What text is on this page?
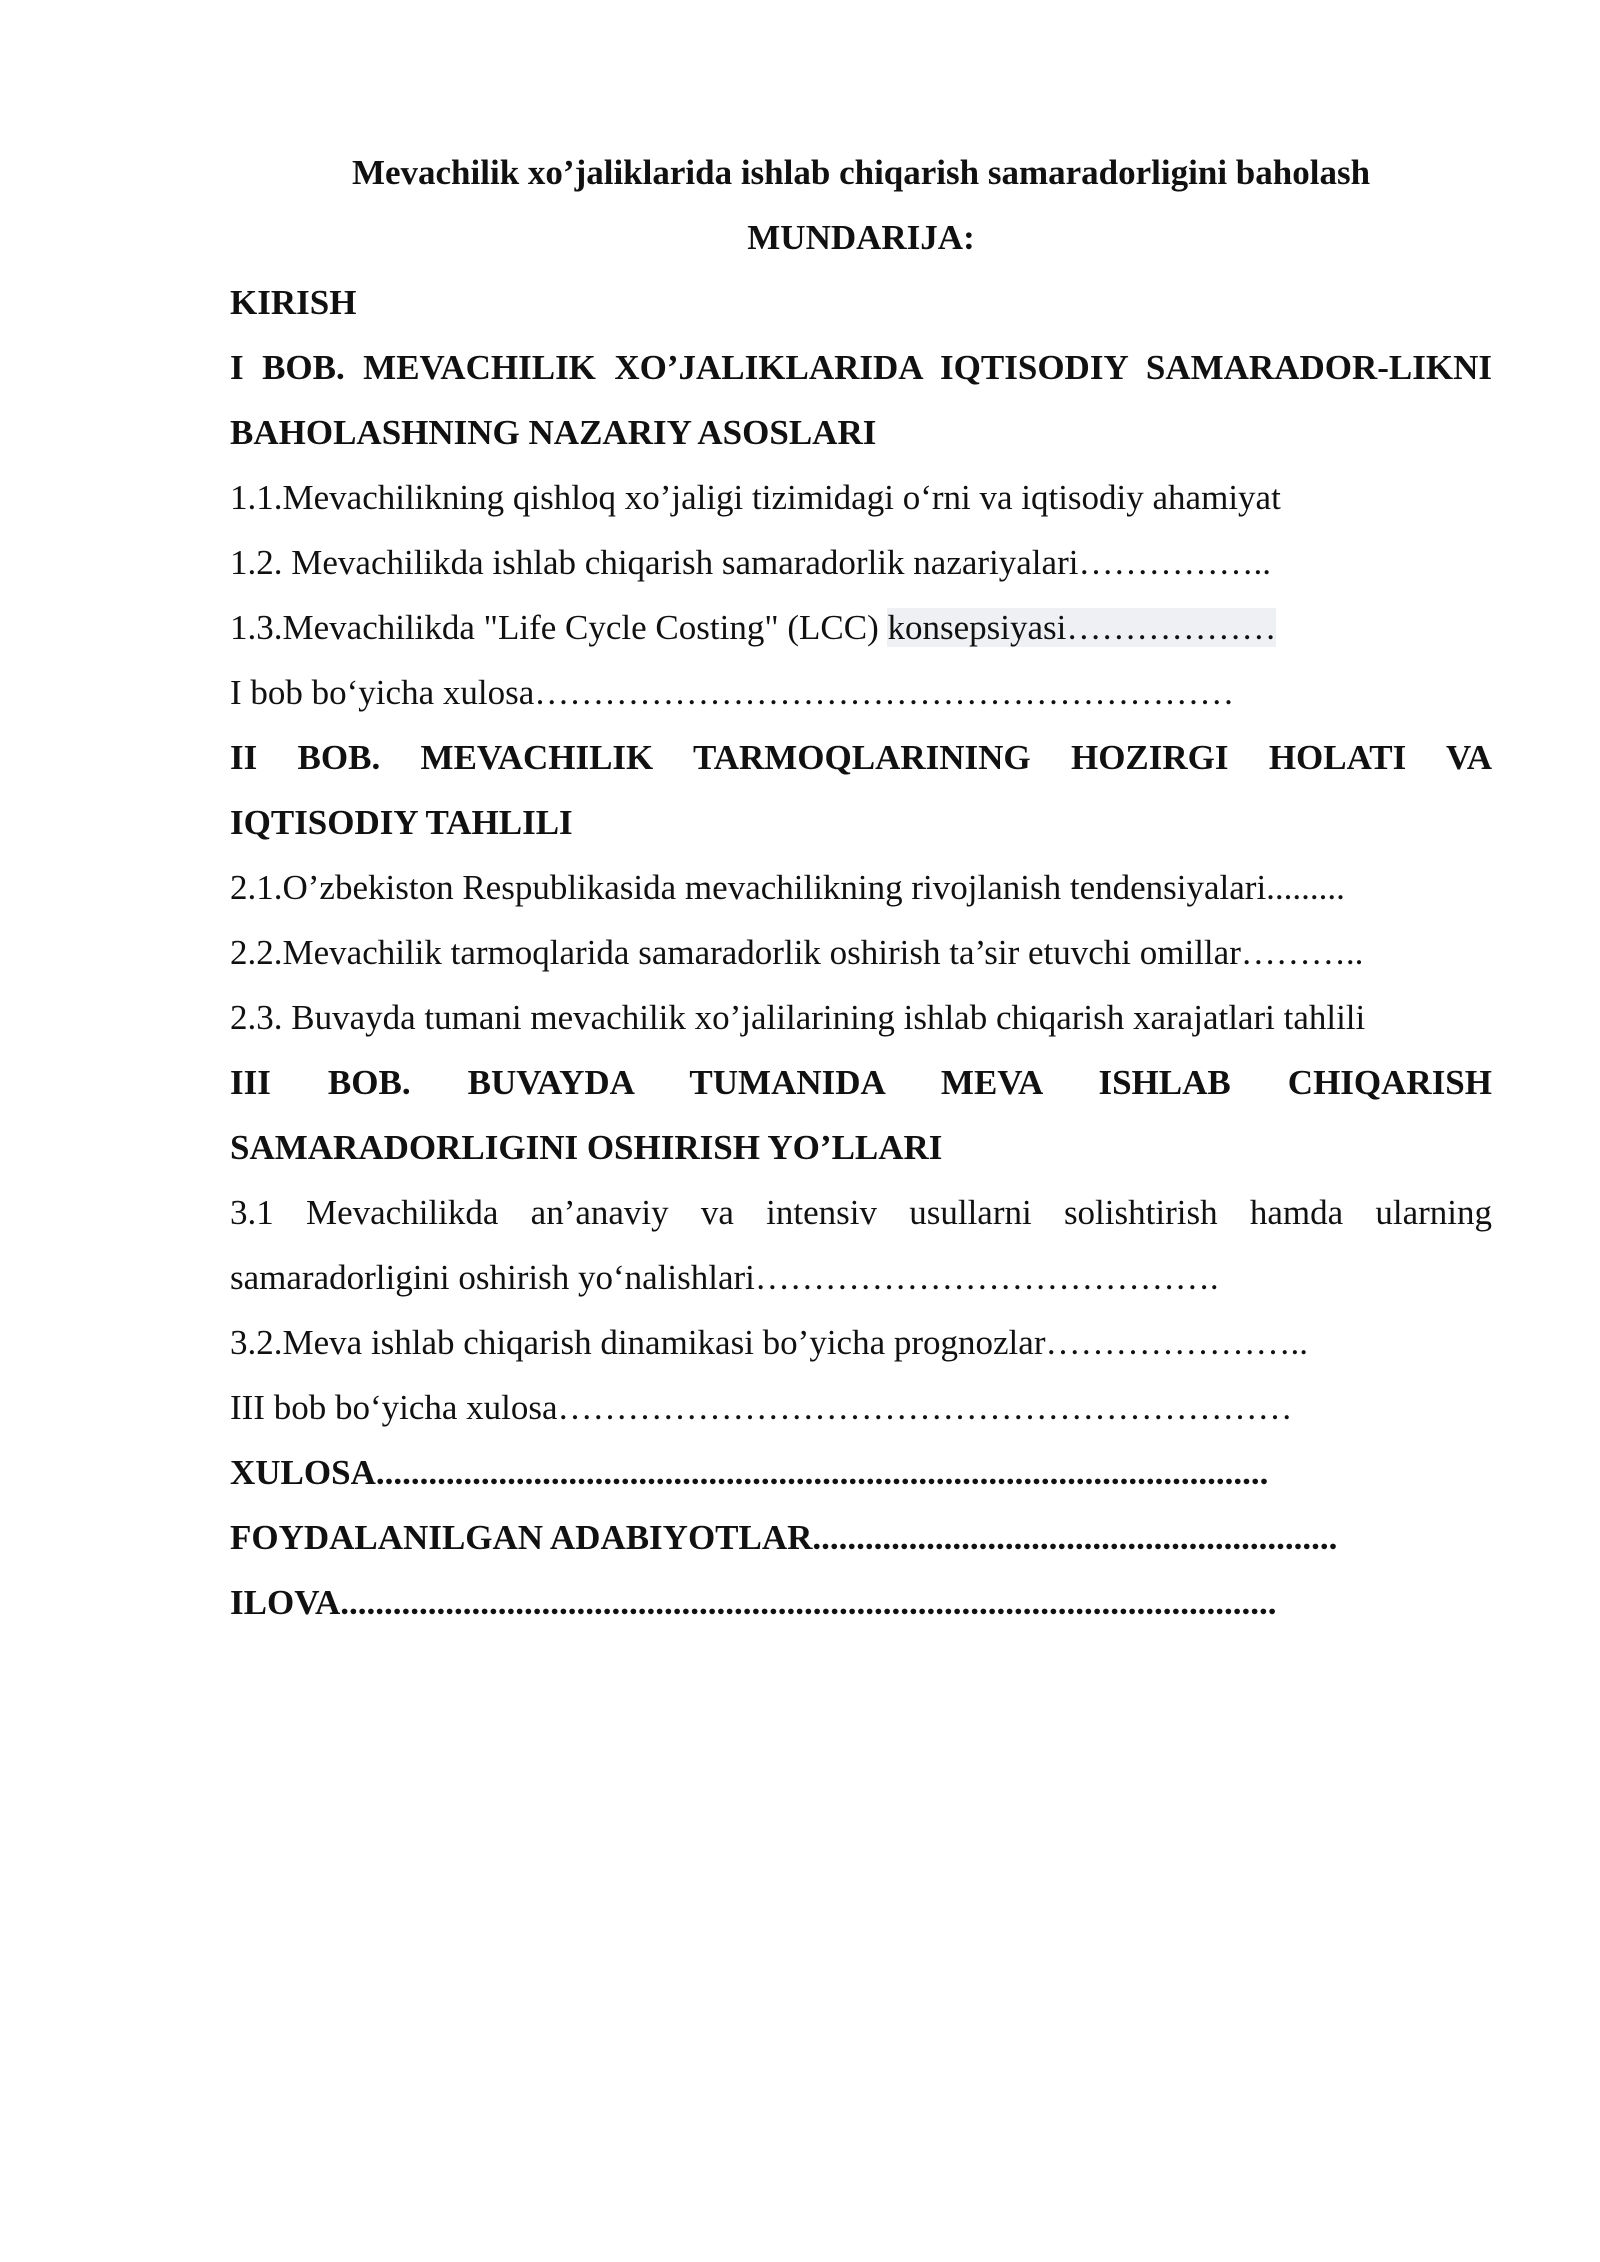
Mevachilik xo’jaliklarida ishlab chiqarish samaradorligini baholash

MUNDARIJA:

KIRISH

I BOB. MEVACHILIK XO’JALIKLARIDA IQTISODIY SAMARADOR-LIKNI BAHOLASHNING NAZARIY ASOSLARI

1.1.Mevachilikning qishloq xo’jaligi tizimidagi o‘rni va iqtisodiy ahamiyat

1.2. Mevachilikda ishlab chiqarish samaradorlik nazariyalari……………..

1.3.Mevachilikda "Life Cycle Costing" (LCC) konsepsiyasi………………

I bob bo‘yicha xulosa……………………………………………………

II BOB. MEVACHILIK TARMOQLARINING HOZIRGI HOLATI VA IQTISODIY TAHLILI

2.1.O’zbekiston Respublikasida mevachilikning rivojlanish tendensiyalari.........

2.2.Mevachilik tarmoqlarida samaradorlik oshirish ta’sir etuvchi omillar………..

2.3. Buvayda tumani mevachilik xo’jalilarining ishlab chiqarish xarajatlari tahlili

III BOB. BUVAYDA TUMANIDA MEVA ISHLAB CHIQARISH SAMARADORLIGINI OSHIRISH YO’LLARI

3.1 Mevachilikda an’anaviy va intensiv usullarni solishtirish hamda ularning samaradorligini oshirish yo‘nalishlari………………………………….

3.2.Meva ishlab chiqarish dinamikasi bo’yicha prognozlar…………………..

III bob bo‘yicha xulosa………………………………………………………

XULOSA......................................................................................................

FOYDALANILGAN ADABIYOTLAR............................................................

ILOVA...........................................................................................................
